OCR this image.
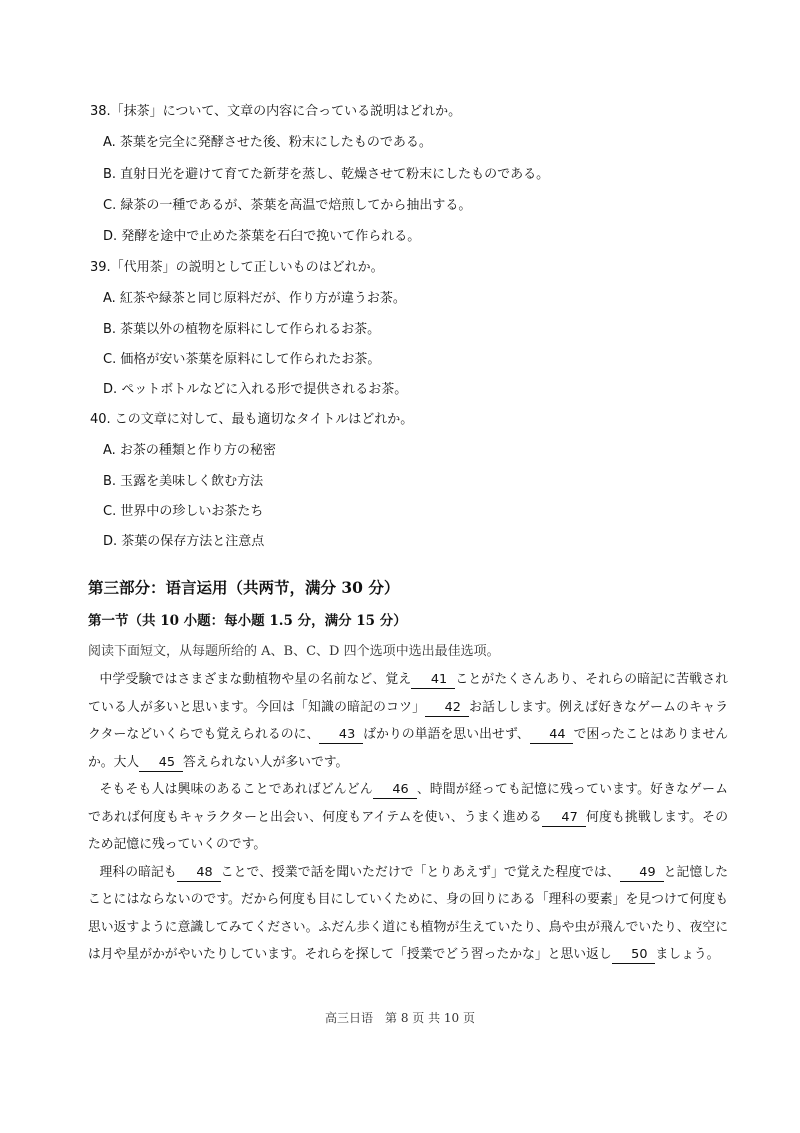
38.「抹茶」について、文章の内容に合っている説明はどれか。
A. 茶葉を完全に発酵させた後、粉末にしたものである。
B. 直射日光を避けて育てた新芽を蒸し、乾燥させて粉末にしたものである。
C. 緑茶の一種であるが、茶葉を高温で焙煎してから抽出する。
D. 発酵を途中で止めた茶葉を石臼で挽いて作られる。
39.「代用茶」の説明として正しいものはどれか。
A. 紅茶や緑茶と同じ原料だが、作り方が違うお茶。
B. 茶葉以外の植物を原料にして作られるお茶。
C. 価格が安い茶葉を原料にして作られたお茶。
D. ペットボトルなどに入れる形で提供されるお茶。
40. この文章に対して、最も適切なタイトルはどれか。
A. お茶の種類と作り方の秘密
B. 玉露を美味しく飲む方法
C. 世界中の珍しいお茶たち
D. 茶葉の保存方法と注意点
第三部分：语言运用（共两节，满分 30 分）
第一节（共 10 小题：每小题 1.5 分，满分 15 分）
阅读下面短文，从每题所给的 A、B、C、D 四个选项中选出最佳选项。

中学受験ではさまざまな動植物や星の名前など、覚え 41 ことがたくさんあり、それらの暗記に苦戦されている人が多いと思います。今回は「知識の暗記のコツ」 42 お話しします。例えば好きなゲームのキャラクターなどいくらでも覚えられるのに、 43 ばかりの単語を思い出せず、 44 で困ったことはありませんか。大人 45 答えられない人が多いです。

そもそも人は興味のあることであればどんどん 46 、時間が経っても記憶に残っています。好きなゲームであれば何度もキャラクターと出会い、何度もアイテムを使い、うまく進める 47 何度も挑戦します。そのため記憶に残っていくのです。

理科の暗記も 48 ことで、授業で話を聞いただけで「とりあえず」で覚えた程度では、 49 と記憶したことにはならないのです。だから何度も目にしていくために、身の回りにある「理科の要素」を見つけて何度も思い返すように意識してみてください。ふだん歩く道にも植物が生えていたり、鳥や虫が飛んでいたり、夜空には月や星がかがやいたりしています。それらを探して「授業でどう習ったかな」と思い返し 50 ましょう。

高三日语　第 8 页 共 10 页
